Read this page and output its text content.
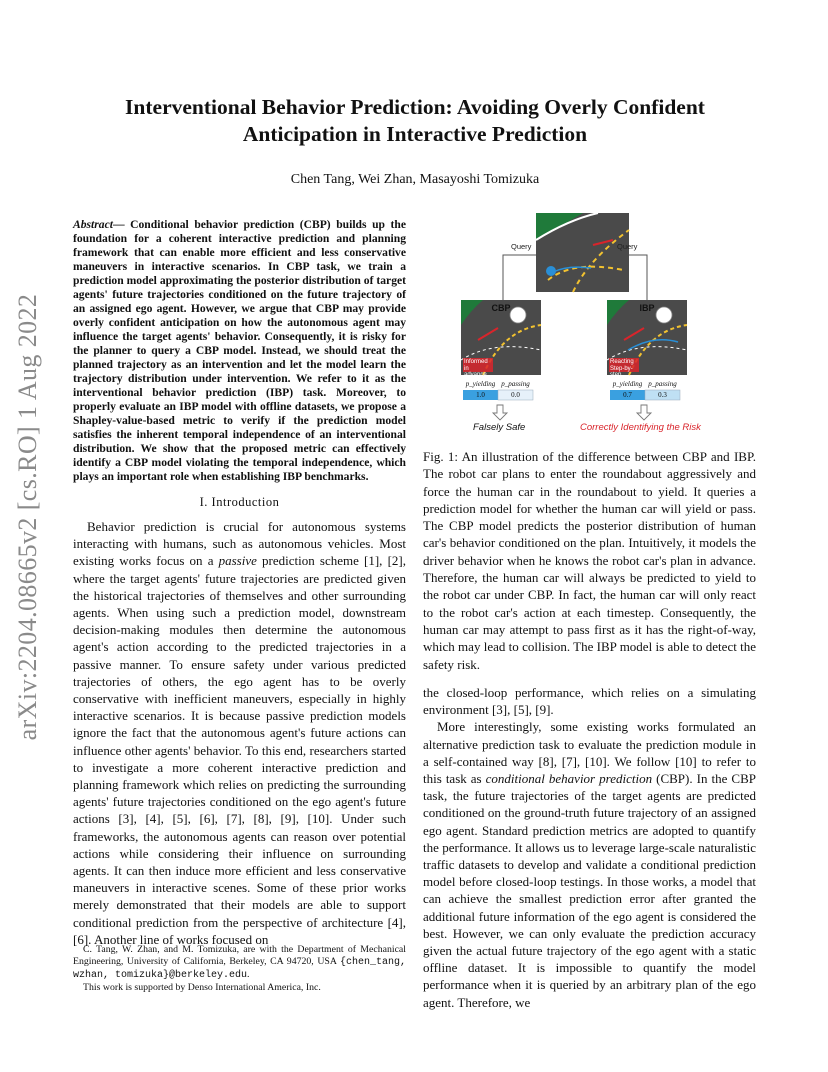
arXiv:2204.08665v2 [cs.RO] 1 Aug 2022
Interventional Behavior Prediction: Avoiding Overly Confident Anticipation in Interactive Prediction
Chen Tang, Wei Zhan, Masayoshi Tomizuka

Abstract— Conditional behavior prediction (CBP) builds up the foundation for a coherent interactive prediction and planning framework that can enable more efficient and less conservative maneuvers in interactive scenarios. In CBP task, we train a prediction model approximating the posterior distribution of target agents' future trajectories conditioned on the future trajectory of an assigned ego agent. However, we argue that CBP may provide overly confident anticipation on how the autonomous agent may influence the target agents' behavior. Consequently, it is risky for the planner to query a CBP model. Instead, we should treat the planned trajectory as an intervention and let the model learn the trajectory distribution under intervention. We refer to it as the interventional behavior prediction (IBP) task. Moreover, to properly evaluate an IBP model with offline datasets, we propose a Shapley-value-based metric to verify if the prediction model satisfies the inherent temporal independence of an interventional distribution. We show that the proposed metric can effectively identify a CBP model violating the temporal independence, which plays an important role when establishing IBP benchmarks.

I. Introduction

Behavior prediction is crucial for autonomous systems interacting with humans, such as autonomous vehicles. Most existing works focus on a passive prediction scheme [1], [2], where the target agents' future trajectories are predicted given the historical trajectories of themselves and other surrounding agents. When using such a prediction model, downstream decision-making modules then determine the autonomous agent's action according to the predicted trajectories in a passive manner. To ensure safety under various predicted trajectories of others, the ego agent has to be overly conservative with inefficient maneuvers, especially in highly interactive scenarios. It is because passive prediction models ignore the fact that the autonomous agent's future actions can influence other agents' behavior. To this end, researchers started to investigate a more coherent interactive prediction and planning framework which relies on predicting the surrounding agents' future trajectories conditioned on the ego agent's future actions [3], [4], [5], [6], [7], [8], [9], [10]. Under such frameworks, the autonomous agents can reason over potential actions while considering their influence on surrounding agents. It can then induce more efficient and less conservative maneuvers in interactive scenes. Some of these prior works merely demonstrated that their models are able to support conditional prediction from the perspective of architecture [4], [6]. Another line of works focused on

C. Tang, W. Zhan, and M. Tomizuka, are with the Department of Mechanical Engineering, University of California, Berkeley, CA 94720, USA {chen_tang, wzhan, tomizuka}@berkeley.edu.

This work is supported by Denso International America, Inc.

Query	Query
CBP	IBP
Informed in advance
Reacting Step-by-step
p_yielding p_passing	p_yielding p_passing
1.0	0.0	0.7	0.3
Falsely Safe	Correctly Identifying the Risk

Fig. 1: An illustration of the difference between CBP and IBP. The robot car plans to enter the roundabout aggressively and force the human car in the roundabout to yield. It queries a prediction model for whether the human car will yield or pass. The CBP model predicts the posterior distribution of human car's behavior conditioned on the plan. Intuitively, it models the driver behavior when he knows the robot car's plan in advance. Therefore, the human car will always be predicted to yield to the robot car under CBP. In fact, the human car will only react to the robot car's action at each timestep. Consequently, the human car may attempt to pass first as it has the right-of-way, which may lead to collision. The IBP model is able to detect the safety risk.

the closed-loop performance, which relies on a simulating environment [3], [5], [9].

More interestingly, some existing works formulated an alternative prediction task to evaluate the prediction module in a self-contained way [8], [7], [10]. We follow [10] to refer to this task as conditional behavior prediction (CBP). In the CBP task, the future trajectories of the target agents are predicted conditioned on the ground-truth future trajectory of an assigned ego agent. Standard prediction metrics are adopted to quantify the performance. It allows us to leverage large-scale naturalistic traffic datasets to develop and validate a conditional prediction model before closed-loop testings. In those works, a model that can achieve the smallest prediction error after granted the additional future information of the ego agent is considered the best. However, we can only evaluate the prediction accuracy given the actual future trajectory of the ego agent with a static offline dataset. It is impossible to quantify the model performance when it is queried by an arbitrary plan of the ego agent. Therefore, we
